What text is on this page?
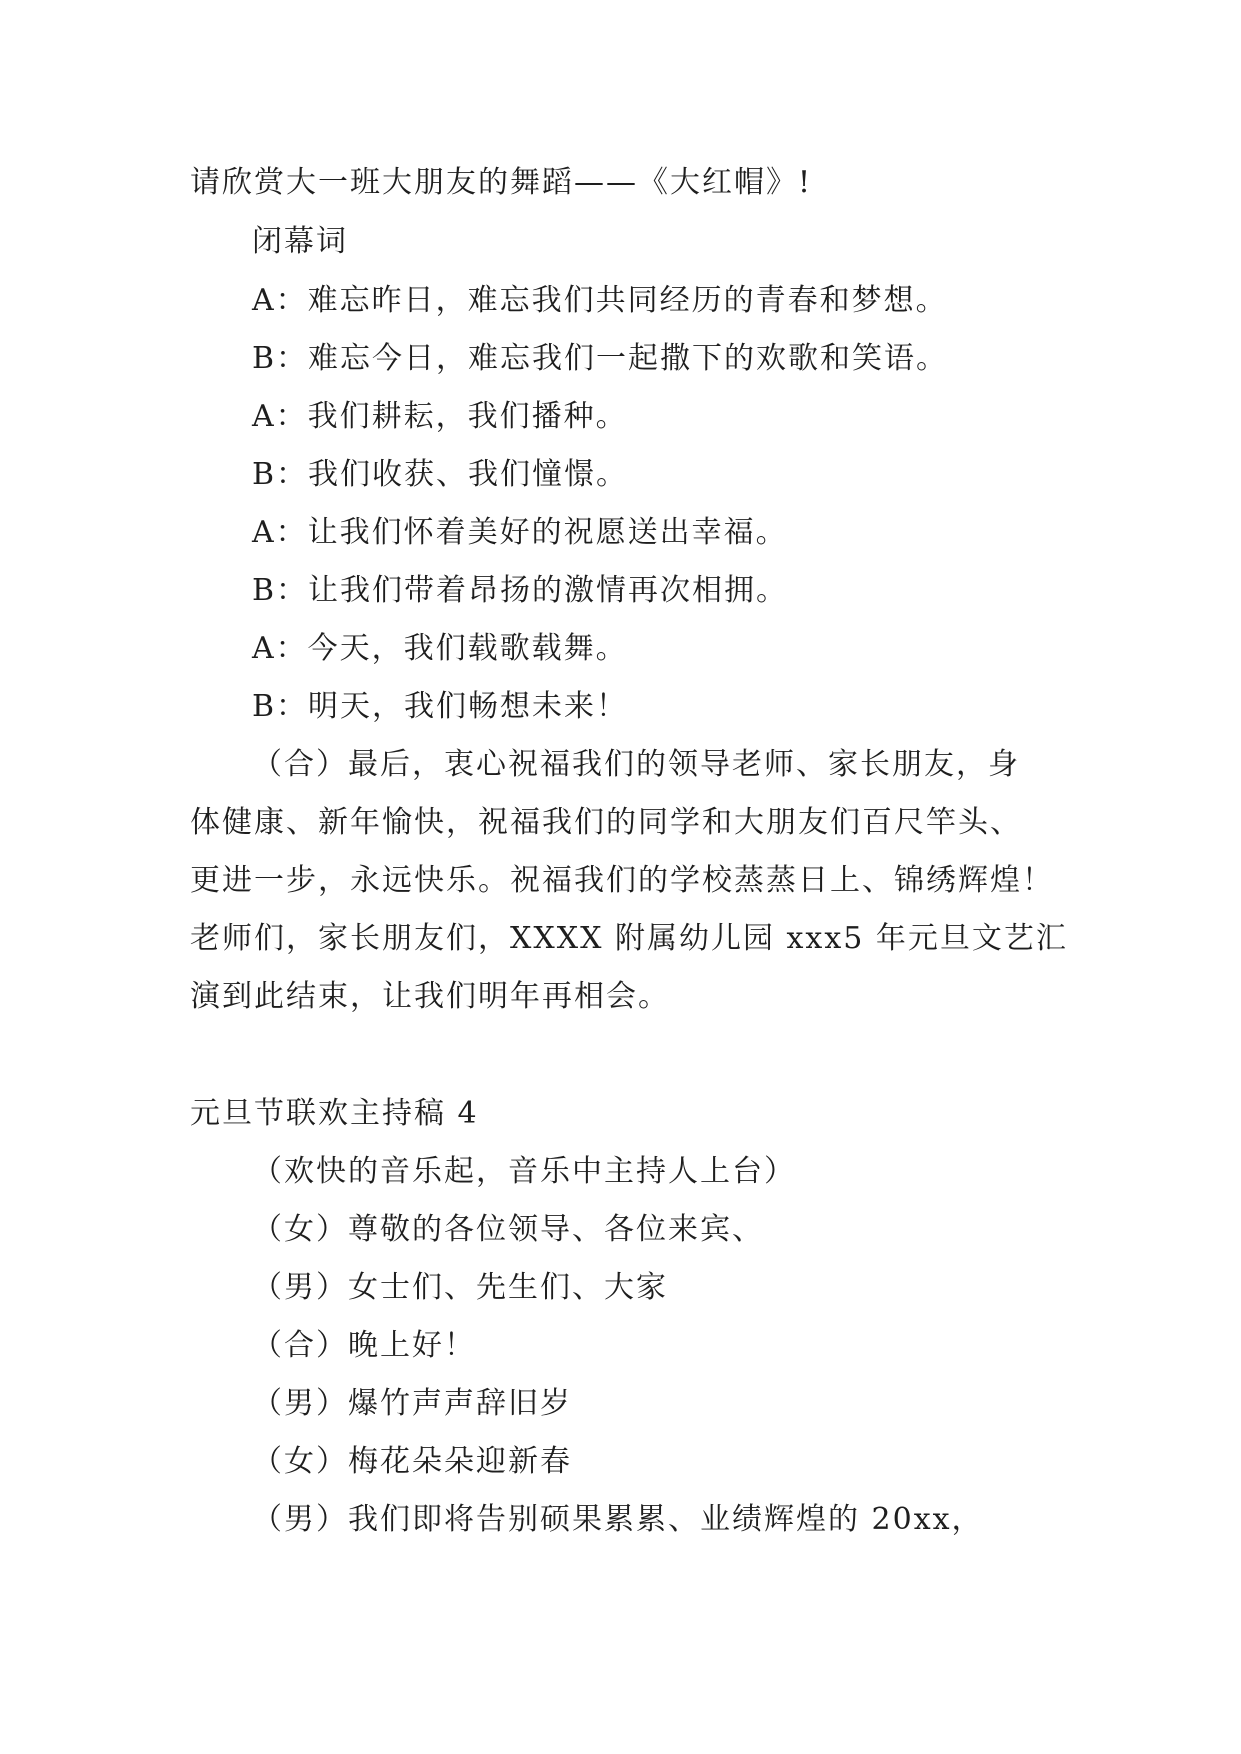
请欣赏大一班大朋友的舞蹈——《大红帽》!

闭幕词

A：难忘昨日，难忘我们共同经历的青春和梦想。

B：难忘今日，难忘我们一起撒下的欢歌和笑语。

A：我们耕耘，我们播种。

B：我们收获、我们憧憬。

A：让我们怀着美好的祝愿送出幸福。

B：让我们带着昂扬的激情再次相拥。

A：今天，我们载歌载舞。

B：明天，我们畅想未来！

（合）最后，衷心祝福我们的领导老师、家长朋友，身

体健康、新年愉快，祝福我们的同学和大朋友们百尺竿头、

更进一步，永远快乐。祝福我们的学校蒸蒸日上、锦绣辉煌！

老师们，家长朋友们，XXXX 附属幼儿园 xxx5 年元旦文艺汇

演到此结束，让我们明年再相会。

元旦节联欢主持稿 4

（欢快的音乐起，音乐中主持人上台）

（女）尊敬的各位领导、各位来宾、

（男）女士们、先生们、大家

（合）晚上好！

（男）爆竹声声辞旧岁

（女）梅花朵朵迎新春

（男）我们即将告别硕果累累、业绩辉煌的 20xx，
